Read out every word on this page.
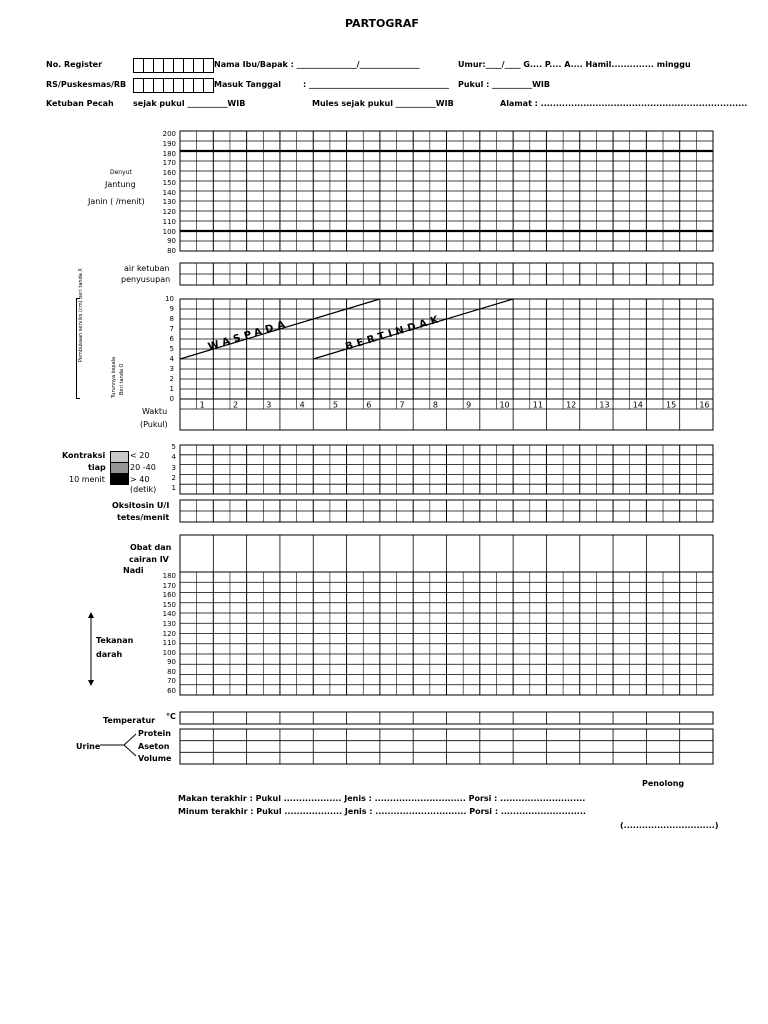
PARTOGRAF
No. Register	Nama Ibu/Bapak : _______________/_______________	Umur:____/____ G.... P.... A.... Hamil.............. minggu
RS/Puskesmas/RB	Masuk Tanggal	: ___________________________________ Pukul : __________WIB
Ketuban Pecah sejak pukul __________WIB	Mules sejak pukul __________WIB	Alamat : ....................................................................
Denyut
Jantung
Janin ( /menit)
200
190
180
170
160
150
140
130
120
110
100
90
80
air ketuban
penyusupan
10
9
8
7
6
5
4
3
2
1
0
Pembukaan serviks (cm) beri tanda X
Turunnya kepala Beri tanda O
Waktu
(Pukul)
Kontraksi
tiap
10 menit
< 20
20 -40
> 40
(detik)
5
4
3
2
1
Oksitosin U/I
tetes/menit
Obat dan
cairan IV
Nadi
180
170
160
150
140
130
120
110
100
90
80
70
60
Tekanan
darah
Temperatur °C
Protein
Aseton
Volume
Urine
Penolong
Makan terakhir : Pukul ................... Jenis : .............................. Porsi : ............................
Minum terakhir : Pukul ................... Jenis : .............................. Porsi : ............................
(..............................)
WASPADA	BERTINDAK
1	2	3	4	5	6	7	8	9	10	11	12	13	14	15	16
